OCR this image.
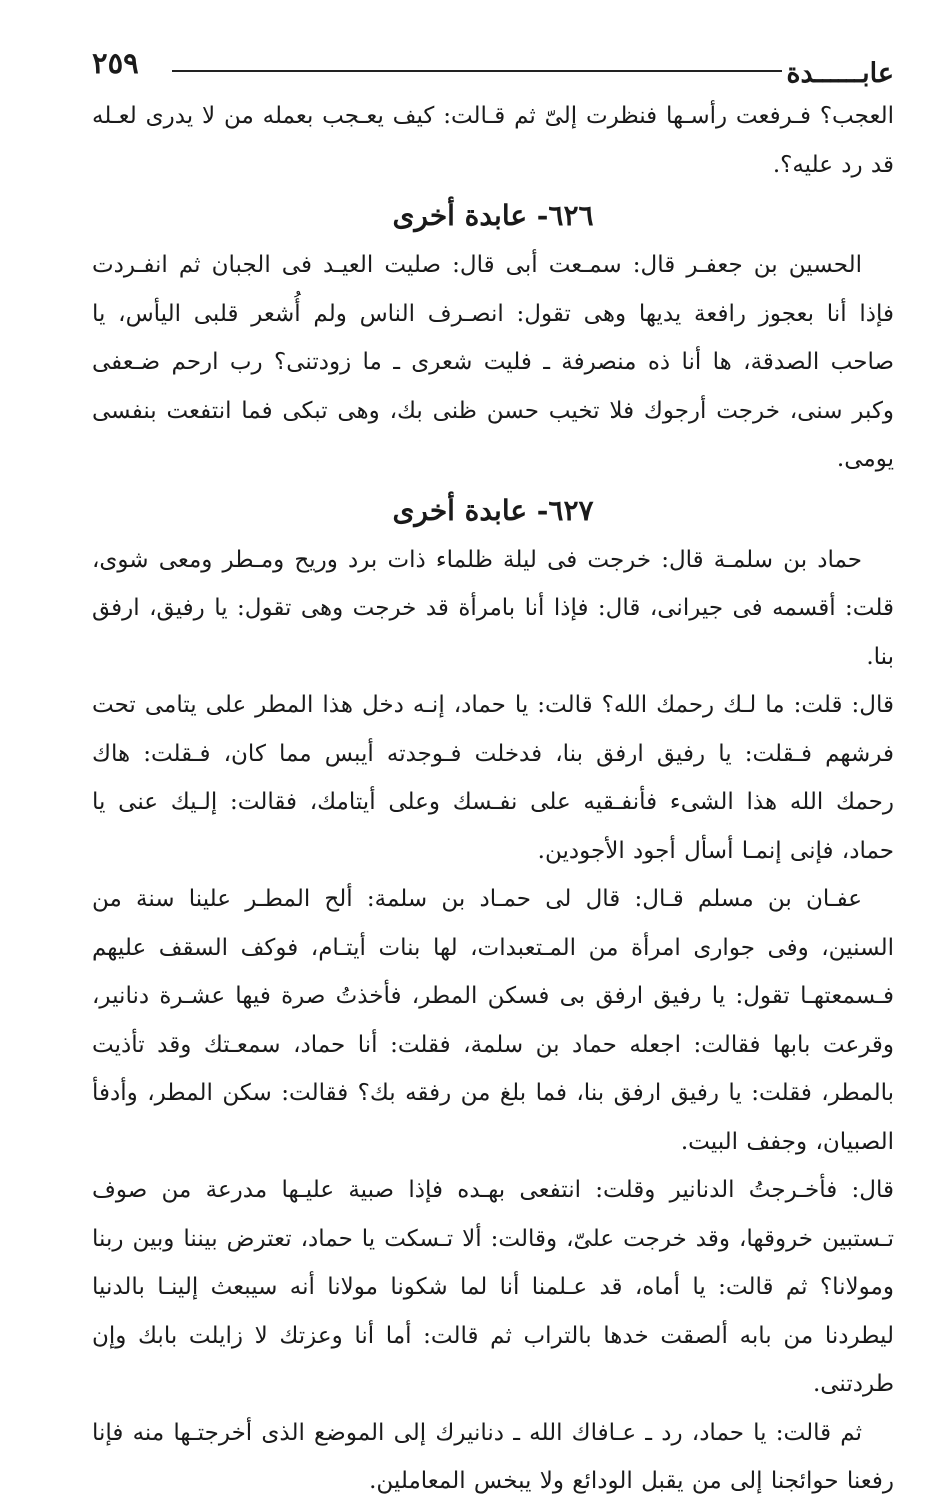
عابــــــدة
٢٥٩

العجب؟ فـرفعت رأسـها فنظرت إلىّ ثم قـالت: كيف يعـجب بعمله من لا يدرى لعـله قد رد عليه؟.

٦٢٦- عابدة أخرى

الحسين بن جعفـر قال: سمـعت أبى قال: صليت العيـد فى الجبان ثم انفـردت فإذا أنا بعجوز رافعة يديها وهى تقول: انصـرف الناس ولم أُشعر قلبى اليأس، يا صاحب الصدقة، ها أنا ذه منصرفة ـ فليت شعرى ـ ما زودتنى؟ رب ارحم ضـعفى وكبر سنى، خرجت أرجوك فلا تخيب حسن ظنى بك، وهى تبكى فما انتفعت بنفسى يومى.

٦٢٧- عابدة أخرى

حماد بن سلمـة قال: خرجت فى ليلة ظلماء ذات برد وريح ومـطر ومعى شوى، قلت: أقسمه فى جيرانى، قال: فإذا أنا بامرأة قد خرجت وهى تقول: يا رفيق، ارفق بنا.

قال: قلت: ما لـك رحمك الله؟ قالت: يا حماد، إنـه دخل هذا المطر على يتامى تحت فرشهم فـقلت: يا رفيق ارفق بنا، فدخلت فـوجدته أيبس مما كان، فـقلت: هاك رحمك الله هذا الشىء فأنفـقيه على نفـسك وعلى أيتامك، فقالت: إلـيك عنى يا حماد، فإنى إنمـا أسأل أجود الأجودين.

عفـان بن مسلم قـال: قال لى حمـاد بن سلمة: ألح المطـر علينا سنة من السنين، وفى جوارى امرأة من المـتعبدات، لها بنات أيتـام، فوكف السقف عليهم فـسمعتهـا تقول: يا رفيق ارفق بى فسكن المطر، فأخذتُ صرة فيها عشـرة دنانير، وقرعت بابها فقالت: اجعله حماد بن سلمة، فقلت: أنا حماد، سمعـتك وقد تأذيت بالمطر، فقلت: يا رفيق ارفق بنا، فما بلغ من رفقه بك؟ فقالت: سكن المطر، وأدفأ الصبيان، وجفف البيت.

قال: فأخـرجتُ الدنانير وقلت: انتفعى بهـده فإذا صبية عليـها مدرعة من صوف تـستبين خروقها، وقد خرجت علىّ، وقالت: ألا تـسكت يا حماد، تعترض بيننا وبين ربنا ومولانا؟ ثم قالت: يا أماه، قد عـلمنا أنا لما شكونا مولانا أنه سيبعث إلينـا بالدنيا ليطردنا من بابه ألصقت خدها بالتراب ثم قالت: أما أنا وعزتك لا زايلت بابك وإن طردتنى.

ثم قالت: يا حماد، رد ـ عـافاك الله ـ دنانيرك إلى الموضع الذى أخرجتـها منه فإنا رفعنا حوائجنا إلى من يقبل الودائع ولا يبخس المعاملين.
